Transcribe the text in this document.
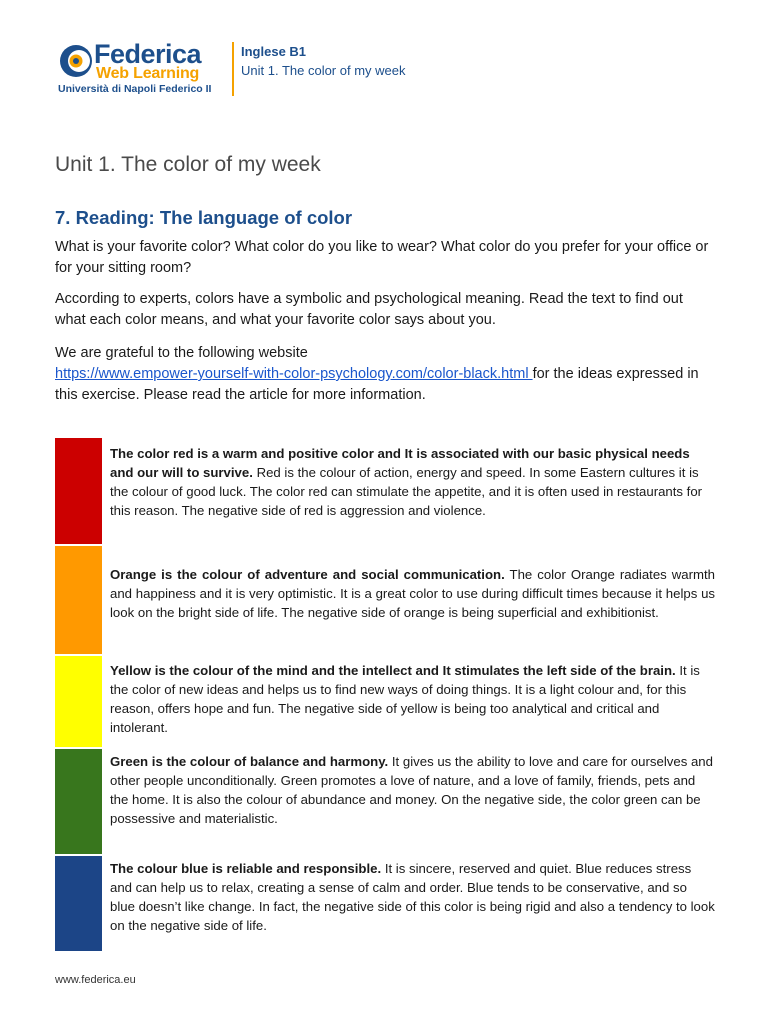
Federica
Web Learning
Università di Napoli Federico II
Inglese B1
Unit 1. The color of my week
Unit 1. The color of my week
7. Reading: The language of color
What is your favorite color? What color do you like to wear? What color do you prefer for your office or for your sitting room?
According to experts, colors have a symbolic and psychological meaning. Read the text to find out what each color means, and what your favorite color says about you.
We are grateful to the following website
https://www.empower-yourself-with-color-psychology.com/color-black.html for the ideas expressed in this exercise. Please read the article for more information.
The color red is a warm and positive color and It is associated with our basic physical needs and our will to survive. Red is the colour of action, energy and speed. In some Eastern cultures it is the colour of good luck. The color red can stimulate the appetite, and it is often used in restaurants for this reason. The negative side of red is aggression and violence.
Orange is the colour of adventure and social communication. The color Orange radiates warmth and happiness and it is very optimistic. It is a great color to use during difficult times because it helps us look on the bright side of life. The negative side of orange is being superficial and exhibitionist.
Yellow is the colour of the mind and the intellect and It stimulates the left side of the brain. It is the color of new ideas and helps us to find new ways of doing things. It is a light colour and, for this reason, offers hope and fun. The negative side of yellow is being too analytical and critical and intolerant.
Green is the colour of balance and harmony. It gives us the ability to love and care for ourselves and other people unconditionally. Green promotes a love of nature, and a love of family, friends, pets and the home. It is also the colour of abundance and money. On the negative side, the color green can be possessive and materialistic.
The colour blue is reliable and responsible. It is sincere, reserved and quiet. Blue reduces stress and can help us to relax, creating a sense of calm and order. Blue tends to be conservative, and so blue doesn’t like change. In fact, the negative side of this color is being rigid and also a tendency to look on the negative side of life.
www.federica.eu
